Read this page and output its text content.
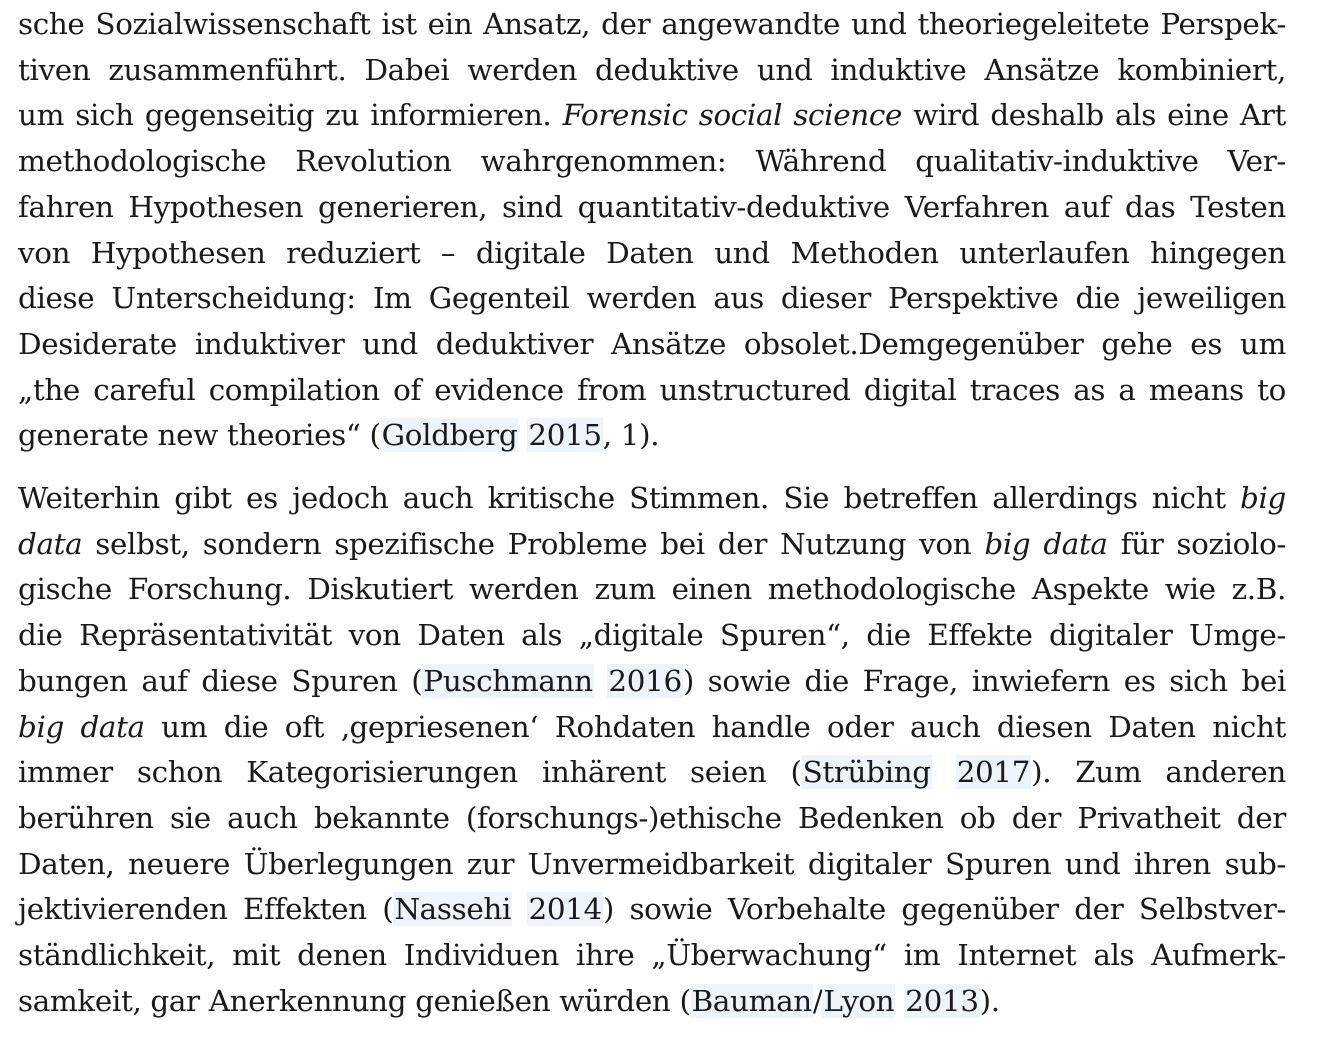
sche Sozialwissenschaft ist ein Ansatz, der angewandte und theoriegeleitete Perspek-
tiven zusammenführt. Dabei werden deduktive und induktive Ansätze kombiniert,
um sich gegenseitig zu informieren. Forensic social science wird deshalb als eine Art
methodologische Revolution wahrgenommen: Während qualitativ-induktive Ver-
fahren Hypothesen generieren, sind quantitativ-deduktive Verfahren auf das Testen
von Hypothesen reduziert – digitale Daten und Methoden unterlaufen hingegen
diese Unterscheidung: Im Gegenteil werden aus dieser Perspektive die jeweiligen
Desiderate induktiver und deduktiver Ansätze obsolet.Demgegenüber gehe es um
„the careful compilation of evidence from unstructured digital traces as a means to
generate new theories“ (Goldberg 2015, 1).

Weiterhin gibt es jedoch auch kritische Stimmen. Sie betreffen allerdings nicht big
data selbst, sondern spezifische Probleme bei der Nutzung von big data für soziolo-
gische Forschung. Diskutiert werden zum einen methodologische Aspekte wie z.B.
die Repräsentativität von Daten als „digitale Spuren“, die Effekte digitaler Umge-
bungen auf diese Spuren (Puschmann 2016) sowie die Frage, inwiefern es sich bei
big data um die oft ‚gepriesenen‘ Rohdaten handle oder auch diesen Daten nicht
immer schon Kategorisierungen inhärent seien (Strübing 2017). Zum anderen
berühren sie auch bekannte (forschungs-)ethische Bedenken ob der Privatheit der
Daten, neuere Überlegungen zur Unvermeidbarkeit digitaler Spuren und ihren sub-
jektivierenden Effekten (Nassehi 2014) sowie Vorbehalte gegenüber der Selbstver-
ständlichkeit, mit denen Individuen ihre „Überwachung“ im Internet als Aufmerk-
samkeit, gar Anerkennung genießen würden (Bauman/Lyon 2013).
